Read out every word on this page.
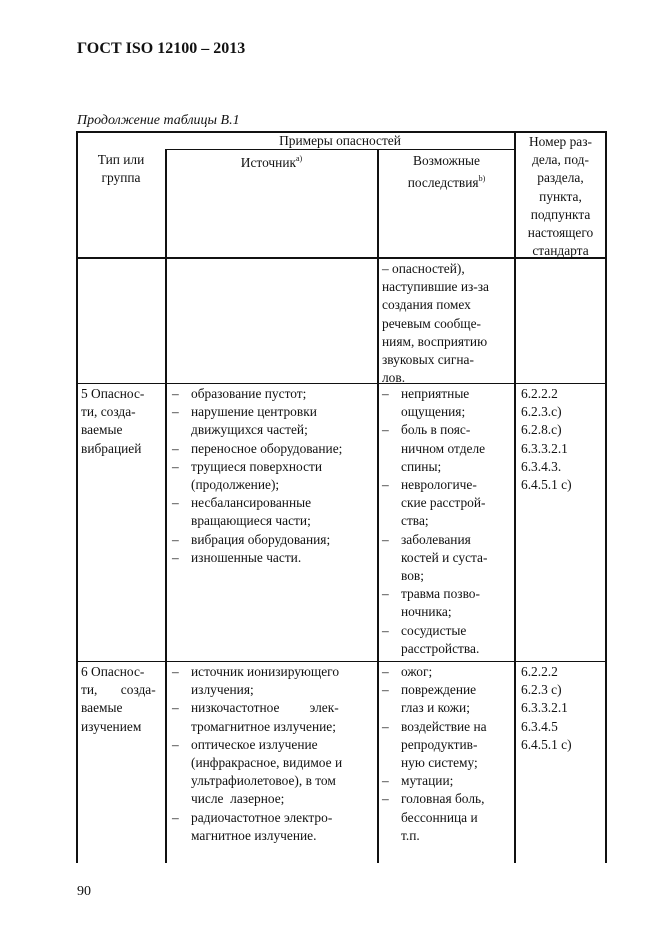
ГОСТ ISO 12100 – 2013
Продолжение таблицы В.1
Тип или
группа
Примеры опасностей
Источник$^{a)}$	Возможные
последствия$^{b)}$
Номер раз-
дела, под-
раздела,
пункта,
подпункта
настоящего
стандарта
– опасностей),
наступившие из-за
создания помех
речевым сообще-
ниям, восприятию
звуковых сигна-
лов.
5 Опаснос-
ти, созда-
ваемые
вибрацией
– образование пустот;
– нарушение центровки
движущихся частей;
– переносное оборудование;
– трущиеся поверхности
(продолжение);
– несбалансированные
вращающиеся части;
– вибрация оборудования;
– изношенные части.
– неприятные
ощущения;
– боль в пояс-
ничном отделе
спины;
– неврологиче-
ские расстрой-
ства;
– заболевания
костей и суста-
вов;
– травма позво-
ночника;
– сосудистые
расстройства.
6.2.2.2
6.2.3.c)
6.2.8.c)
6.3.3.2.1
6.3.4.3.
6.4.5.1 c)
6 Опаснос-
ти,       созда-
ваемые
изучением
– источник ионизирующего
излучения;
– низкочастотное         элек-
тромагнитное излучение;
– оптическое излучение
(инфракрасное, видимое и
ультрафиолетовое), в том
числе  лазерное;
– радиочастотное электро-
магнитное излучение.
– ожог;
– повреждение
глаз и кожи;
– воздействие на
репродуктив-
ную систему;
– мутации;
– головная боль,
бессонница и
т.п.
6.2.2.2
6.2.3 c)
6.3.3.2.1
6.3.4.5
6.4.5.1 c)
90
